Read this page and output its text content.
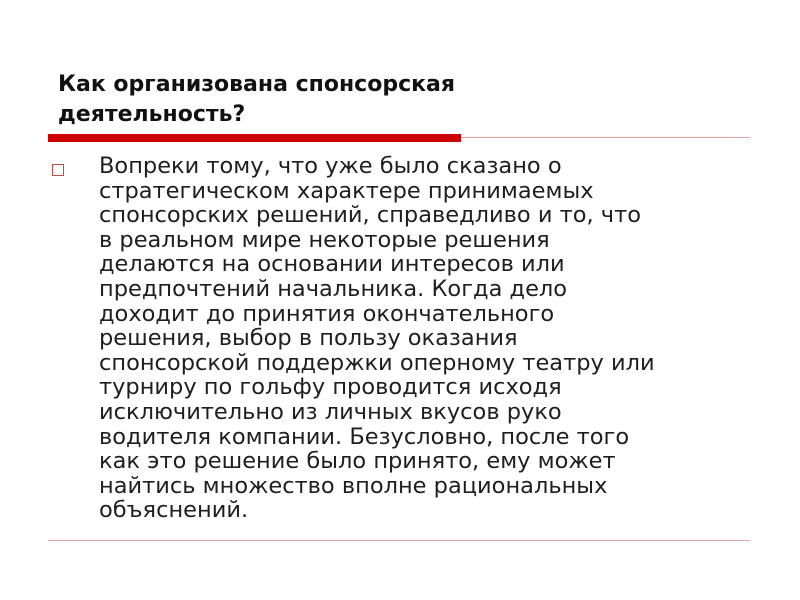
Как организована спонсорская
деятельность?

Вопреки тому, что уже было сказано о
стратегическом характере принимаемых
спонсорских решений, справедливо и то, что
в реальном мире некоторые решения
делаются на основании интересов или
предпочтений начальника. Когда дело
доходит до принятия окончательного
решения, выбор в пользу оказания
спонсорской поддержки оперному театру или
турниру по гольфу проводится исходя
исключительно из личных вкусов руко
водителя компании. Безусловно, после того
как это решение было принято, ему может
найтись множество вполне рациональных
объяснений.
